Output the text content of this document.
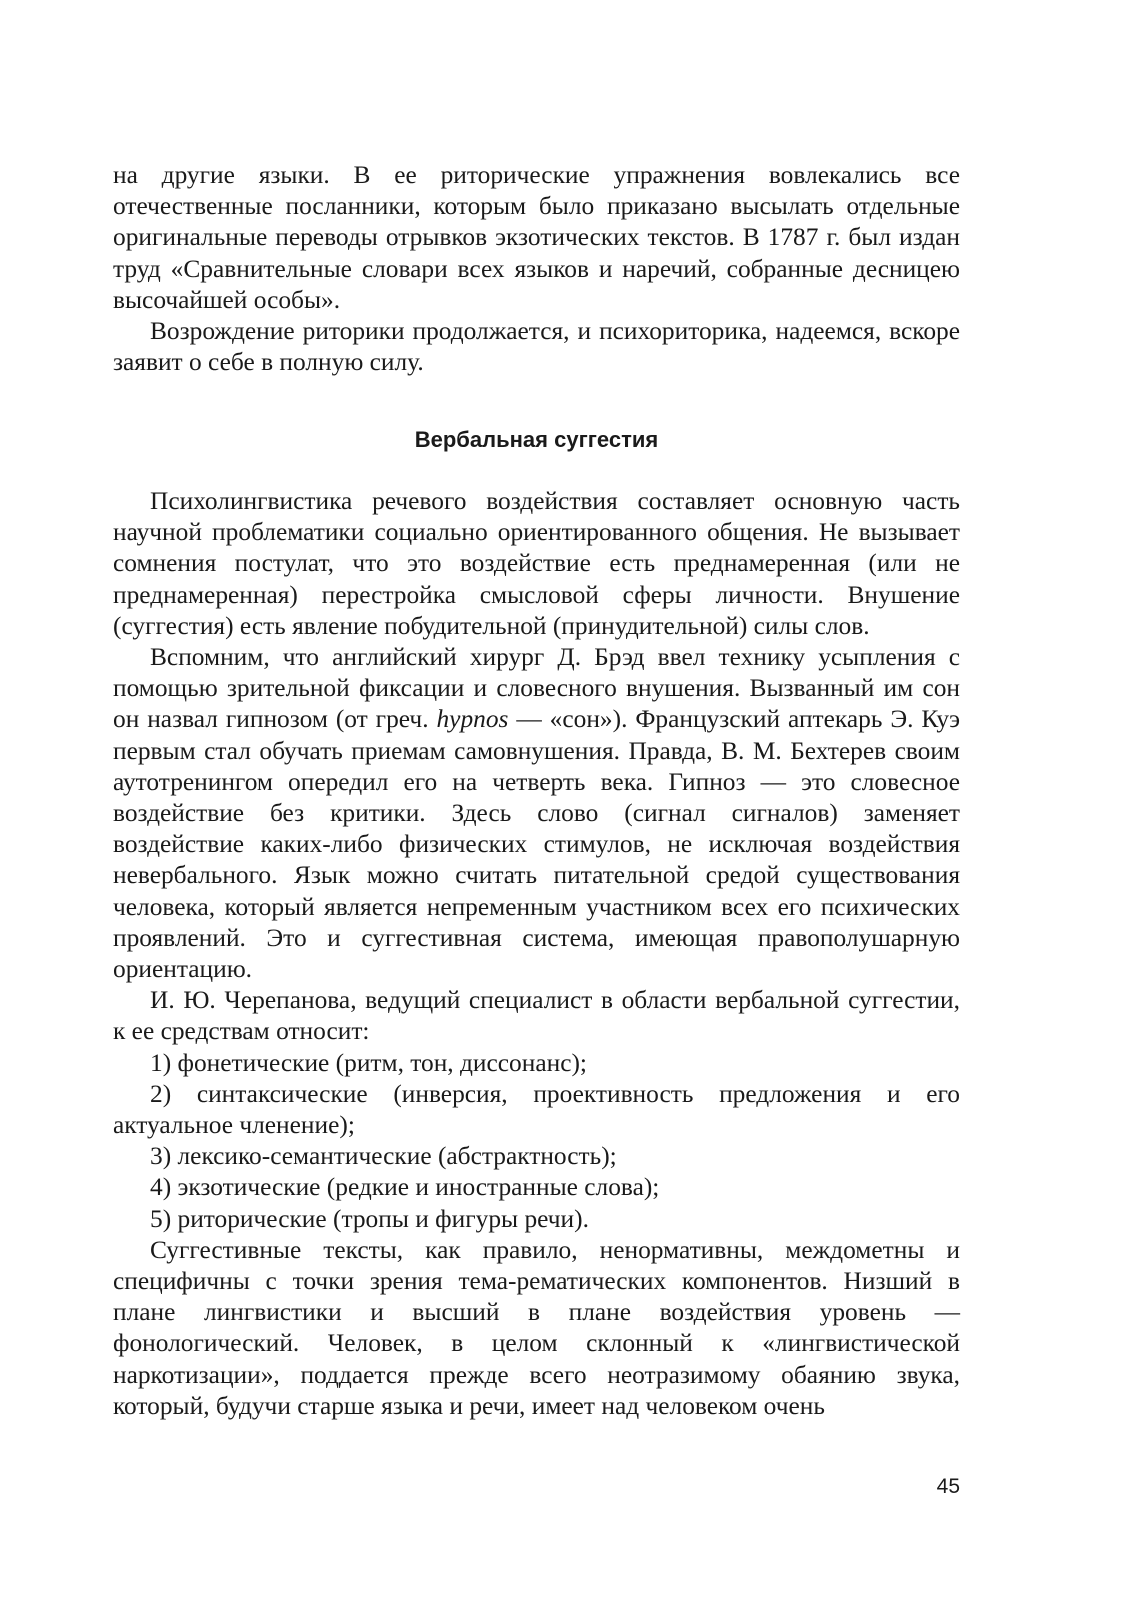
на другие языки. В ее риторические упражнения вовлекались все отечественные посланники, которым было приказано высылать отдельные оригинальные переводы отрывков экзотических текстов. В 1787 г. был издан труд «Сравнительные словари всех языков и наречий, собранные десницею высочайшей особы».

Возрождение риторики продолжается, и психориторика, надеемся, вскоре заявит о себе в полную силу.

Вербальная суггестия

Психолингвистика речевого воздействия составляет основную часть научной проблематики социально ориентированного общения. Не вызывает сомнения постулат, что это воздействие есть преднамеренная (или не преднамеренная) перестройка смысловой сферы личности. Внушение (суггестия) есть явление побудительной (принудительной) силы слов.

Вспомним, что английский хирург Д. Брэд ввел технику усыпления с помощью зрительной фиксации и словесного внушения. Вызванный им сон он назвал гипнозом (от греч. hypnos — «сон»). Французский аптекарь Э. Куэ первым стал обучать приемам самовнушения. Правда, В. М. Бехтерев своим аутотренингом опередил его на четверть века. Гипноз — это словесное воздействие без критики. Здесь слово (сигнал сигналов) заменяет воздействие каких-либо физических стимулов, не исключая воздействия невербального. Язык можно считать питательной средой существования человека, который является непременным участником всех его психических проявлений. Это и суггестивная система, имеющая правополушарную ориентацию.

И. Ю. Черепанова, ведущий специалист в области вербальной суггестии, к ее средствам относит:

1) фонетические (ритм, тон, диссонанс);

2) синтаксические (инверсия, проективность предложения и его актуальное членение);

3) лексико-семантические (абстрактность);

4) экзотические (редкие и иностранные слова);

5) риторические (тропы и фигуры речи).

Суггестивные тексты, как правило, ненормативны, междометны и специфичны с точки зрения тема-рематических компонентов. Низший в плане лингвистики и высший в плане воздействия уровень — фонологический. Человек, в целом склонный к «лингвистической наркотизации», поддается прежде всего неотразимому обаянию звука, который, будучи старше языка и речи, имеет над человеком очень

45
